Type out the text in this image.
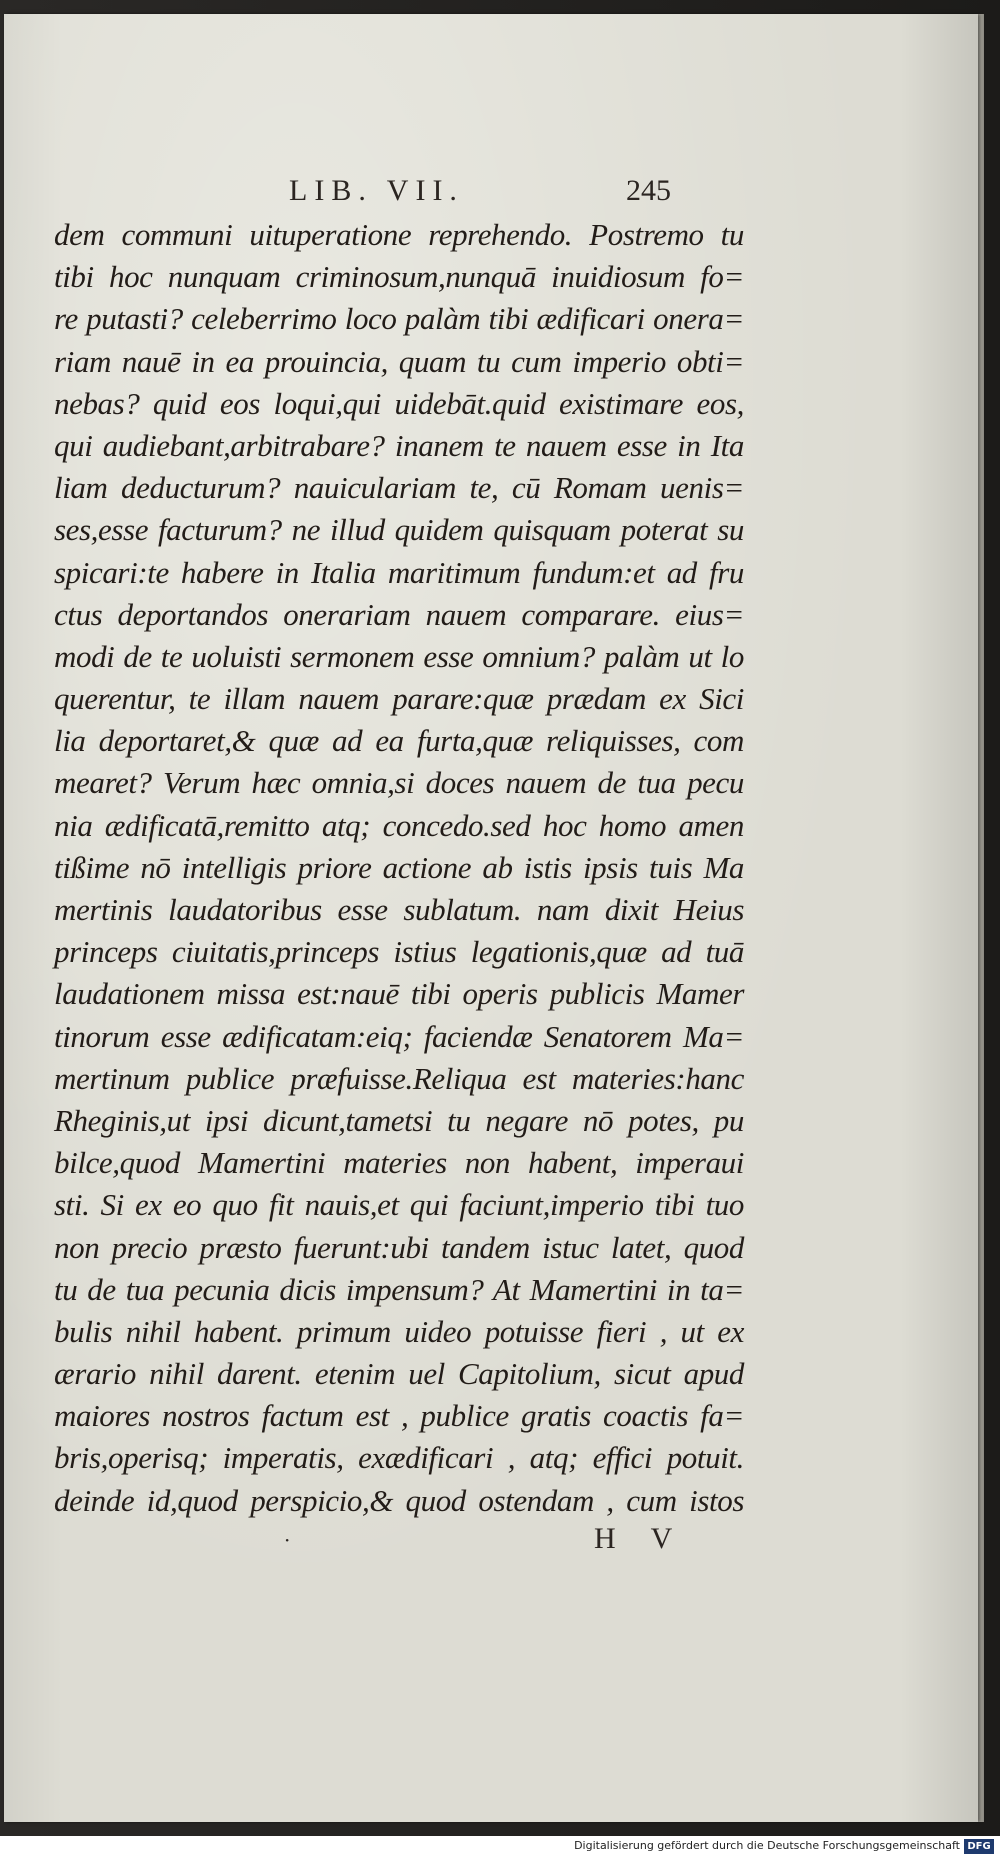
LIB. VII.	245
dem communi uituperatione reprehendo. Postremo tu
tibi hoc nunquam criminosum,nunquā inuidiosum fo=
re putasti? celeberrimo loco palàm tibi ædificari onera=
riam nauē in ea prouincia, quam tu cum imperio obti=
nebas? quid eos loqui,qui uidebāt.quid existimare eos,
qui audiebant,arbitrabare? inanem te nauem esse in Ita
liam deducturum? nauiculariam te, cū Romam uenis=
ses,esse facturum? ne illud quidem quisquam poterat su
spicari:te habere in Italia maritimum fundum:et ad fru
ctus deportandos onerariam nauem comparare. eius=
modi de te uoluisti sermonem esse omnium? palàm ut lo
querentur, te illam nauem parare:quæ prædam ex Sici
lia deportaret,& quæ ad ea furta,quæ reliquisses, com
mearet? Verum hæc omnia,si doces nauem de tua pecu
nia ædificatā,remitto atq; concedo.sed hoc homo amen
tißime nō intelligis priore actione ab istis ipsis tuis Ma
mertinis laudatoribus esse sublatum. nam dixit Heius
princeps ciuitatis,princeps istius legationis,quæ ad tuā
laudationem missa est:nauē tibi operis publicis Mamer
tinorum esse ædificatam:eiq; faciendæ Senatorem Ma=
mertinum publice præfuisse.Reliqua est materies:hanc
Rheginis,ut ipsi dicunt,tametsi tu negare nō potes, pu
bilce,quod Mamertini materies non habent, imperaui
sti. Si ex eo quo fit nauis,et qui faciunt,imperio tibi tuo
non precio præsto fuerunt:ubi tandem istuc latet, quod
tu de tua pecunia dicis impensum? At Mamertini in ta=
bulis nihil habent. primum uideo potuisse fieri , ut ex
ærario nihil darent. etenim uel Capitolium, sicut apud
maiores nostros factum est , publice gratis coactis fa=
bris,operisq; imperatis, exædificari , atq; effici potuit.
deinde id,quod perspicio,& quod ostendam , cum istos
·	H V
Digitalisierung gefördert durch die Deutsche Forschungsgemeinschaft DFG
